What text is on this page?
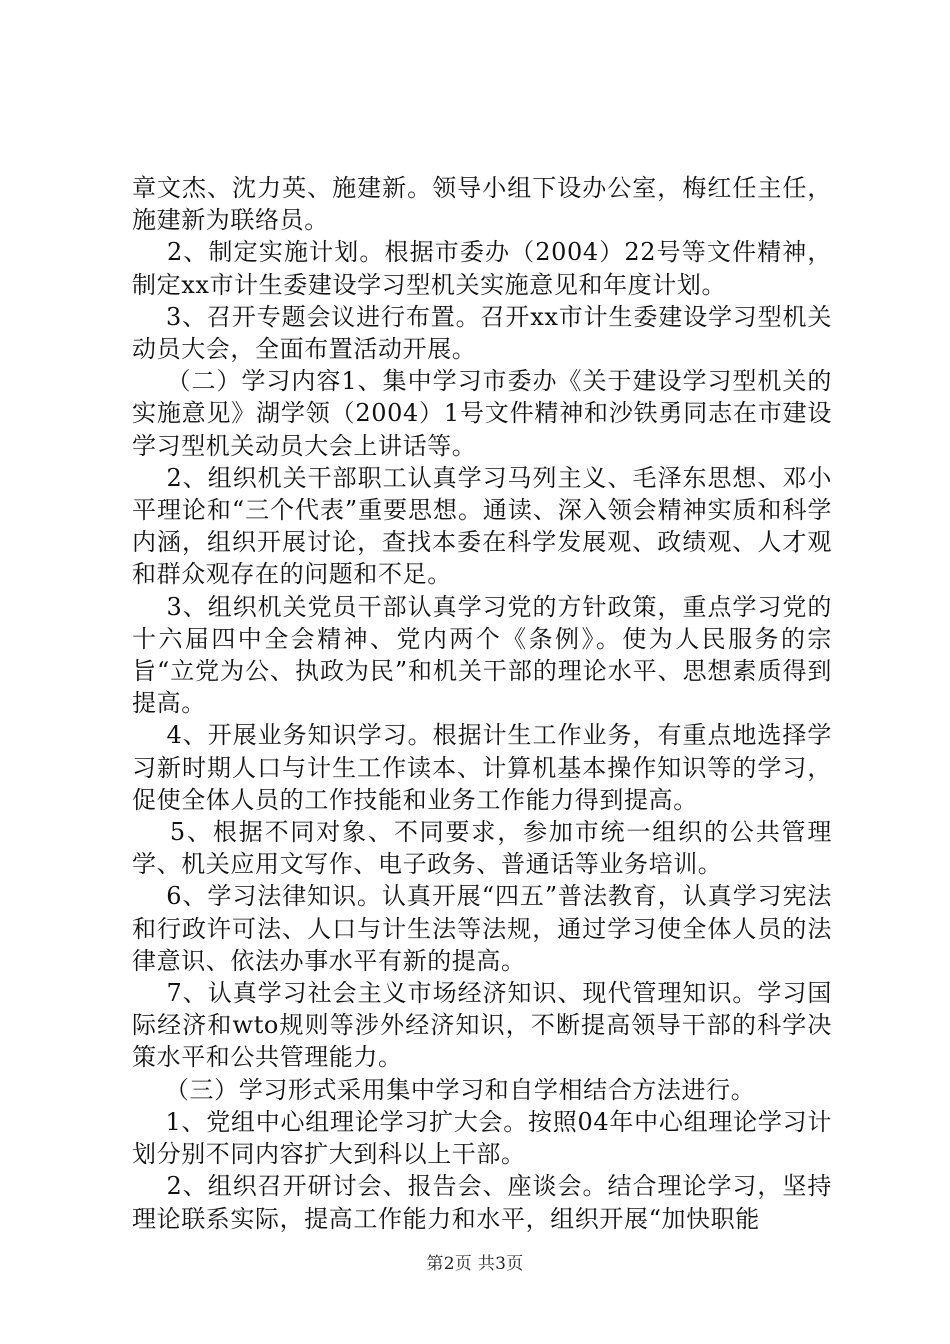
章文杰、沈力英、施建新。领导小组下设办公室，梅红任主任，施建新为联络员。

2、制定实施计划。根据市委办（2004）22号等文件精神，制定xx市计生委建设学习型机关实施意见和年度计划。

3、召开专题会议进行布置。召开xx市计生委建设学习型机关动员大会，全面布置活动开展。

（二）学习内容1、集中学习市委办《关于建设学习型机关的实施意见》湖学领（2004）1号文件精神和沙铁勇同志在市建设学习型机关动员大会上讲话等。

2、组织机关干部职工认真学习马列主义、毛泽东思想、邓小平理论和“三个代表”重要思想。通读、深入领会精神实质和科学内涵，组织开展讨论，查找本委在科学发展观、政绩观、人才观和群众观存在的问题和不足。

3、组织机关党员干部认真学习党的方针政策，重点学习党的十六届四中全会精神、党内两个《条例》。使为人民服务的宗旨“立党为公、执政为民”和机关干部的理论水平、思想素质得到提高。

4、开展业务知识学习。根据计生工作业务，有重点地选择学习新时期人口与计生工作读本、计算机基本操作知识等的学习，促使全体人员的工作技能和业务工作能力得到提高。

5、根据不同对象、不同要求，参加市统一组织的公共管理学、机关应用文写作、电子政务、普通话等业务培训。

6、学习法律知识。认真开展“四五”普法教育，认真学习宪法和行政许可法、人口与计生法等法规，通过学习使全体人员的法律意识、依法办事水平有新的提高。

7、认真学习社会主义市场经济知识、现代管理知识。学习国际经济和wto规则等涉外经济知识，不断提高领导干部的科学决策水平和公共管理能力。

（三）学习形式采用集中学习和自学相结合方法进行。

1、党组中心组理论学习扩大会。按照04年中心组理论学习计划分别不同内容扩大到科以上干部。

2、组织召开研讨会、报告会、座谈会。结合理论学习，坚持理论联系实际，提高工作能力和水平，组织开展“加快职能

第2页 共3页
